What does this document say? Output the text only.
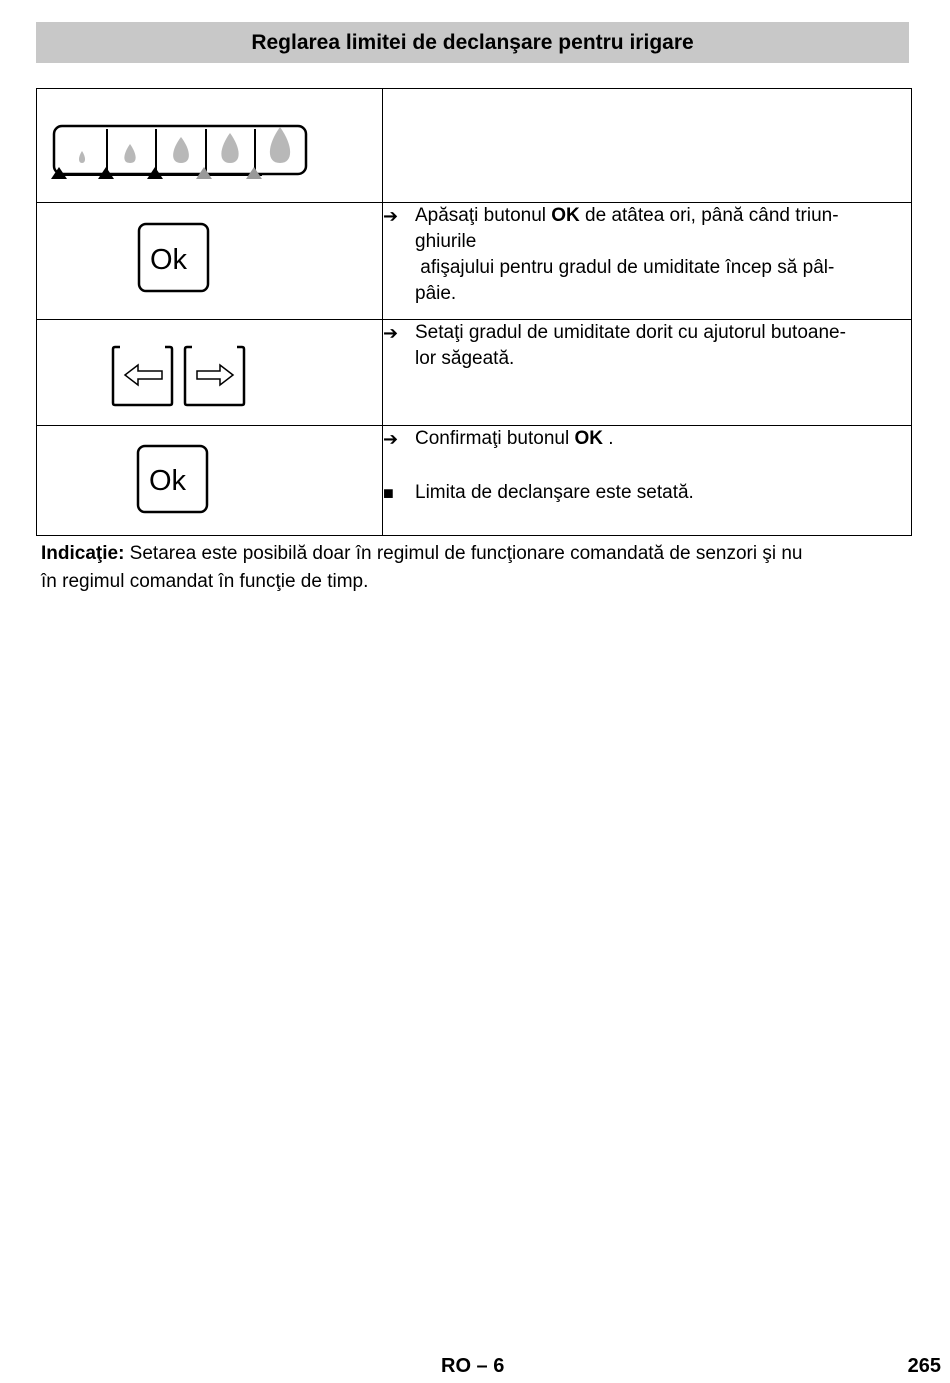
Reglarea limitei de declanşare pentru irigare

Ok	➔ Apăsaţi butonul OK de atâtea ori, până când triun-
ghiurile
afişajului pentru gradul de umiditate încep să pâl-
pâie.

➔ Setaţi gradul de umiditate dorit cu ajutorul butoane-
lor săgeată.

Ok	➔ Confirmaţi butonul OK .
■ Limita de declanşare este setată.
Indicaţie: Setarea este posibilă doar în regimul de funcţionare comandată de senzori şi nu
în regimul comandat în funcţie de timp.
RO – 6	265
